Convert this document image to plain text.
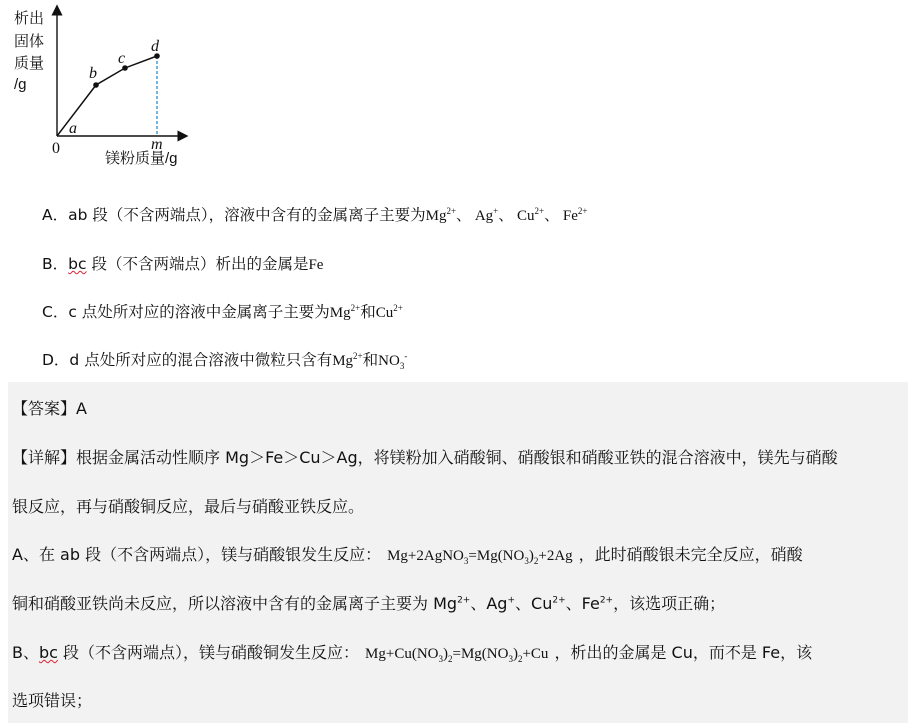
析出
固体
质量
/g
镁粉质量/g
a
b
c
d
m
0
A．ab 段（不含两端点），溶液中含有的金属离子主要为$Mg^{2+}$、 Ag+、 $Cu^{2+}$、 $Fe^{2+}$
B．bc 段（不含两端点）析出的金属是Fe
C．c 点处所对应的溶液中金属离子主要为$Mg^{2+}$和$Cu^{2+}$
D．d 点处所对应的混合溶液中微粒只含有$Mg^{2+}$和$NO_3^-$
【答案】A
【详解】根据金属活动性顺序 Mg＞Fe＞Cu＞Ag，将镁粉加入硝酸铜、硝酸银和硝酸亚铁的混合溶液中，镁先与硝酸
银反应，再与硝酸铜反应，最后与硝酸亚铁反应。
A、在 ab 段（不含两端点），镁与硝酸银发生反应： $Mg+2AgNO_3=Mg(NO_3)_2+2Ag$ ，此时硝酸银未完全反应，硝酸
铜和硝酸亚铁尚未反应，所以溶液中含有的金属离子主要为 $Mg^{2+}$、Ag+、$Cu^{2+}$、$Fe^{2+}$，该选项正确；
B、bc 段（不含两端点），镁与硝酸铜发生反应： $Mg+Cu(NO_3)_2=Mg(NO_3)_2+Cu$ ，析出的金属是 Cu，而不是 Fe，该
选项错误；
